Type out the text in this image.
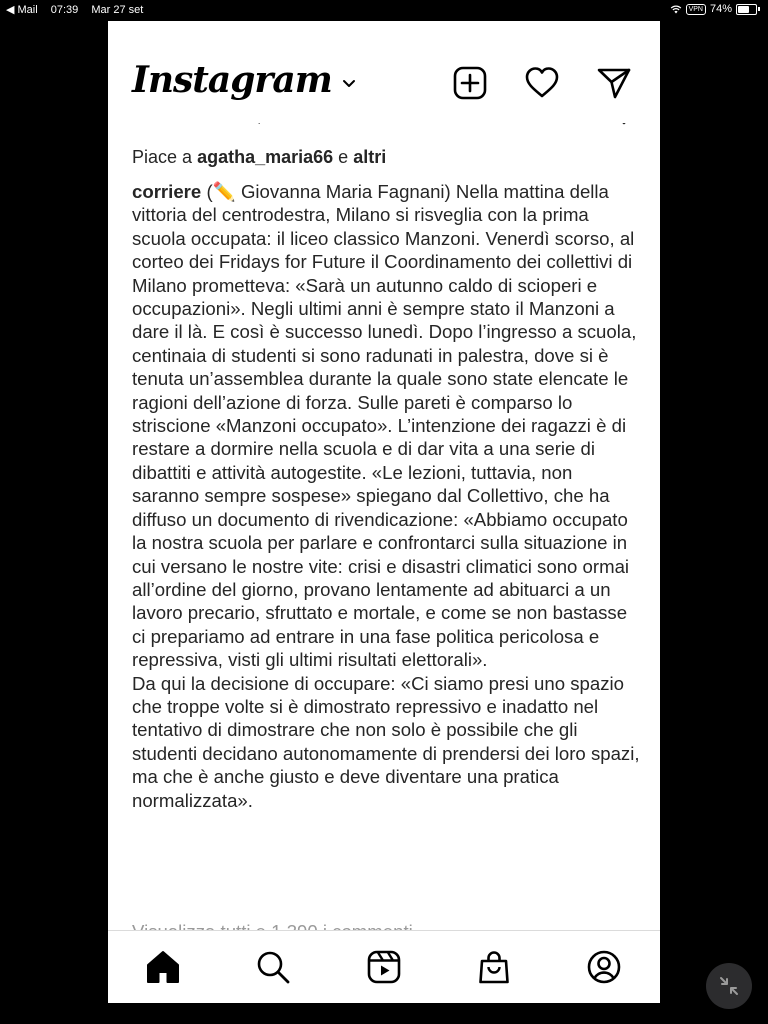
◀ Mail 07:39 Mar 27 set	VPN 74%
Instagram
Piace a agatha_maria66 e altri

corriere (✏️ Giovanna Maria Fagnani) Nella mattina della vittoria del centrodestra, Milano si risveglia con la prima scuola occupata: il liceo classico Manzoni. Venerdì scorso, al corteo dei Fridays for Future il Coordinamento dei collettivi di Milano prometteva: «Sarà un autunno caldo di scioperi e occupazioni». Negli ultimi anni è sempre stato il Manzoni a dare il là. E così è successo lunedì. Dopo l’ingresso a scuola, centinaia di studenti si sono radunati in palestra, dove si è tenuta un’assemblea durante la quale sono state elencate le ragioni dell’azione di forza. Sulle pareti è comparso lo striscione «Manzoni occupato». L’intenzione dei ragazzi è di restare a dormire nella scuola e di dar vita a una serie di dibattiti e attività autogestite. «Le lezioni, tuttavia, non saranno sempre sospese» spiegano dal Collettivo, che ha diffuso un documento di rivendicazione: «Abbiamo occupato la nostra scuola per parlare e confrontarci sulla situazione in cui versano le nostre vite: crisi e disastri climatici sono ormai all’ordine del giorno, provano lentamente ad abituarci a un lavoro precario, sfruttato e mortale, e come se non bastasse ci prepariamo ad entrare in una fase politica pericolosa e repressiva, visti gli ultimi risultati elettorali».

Da qui la decisione di occupare: «Ci siamo presi uno spazio che troppe volte si è dimostrato repressivo e inadatto nel tentativo di dimostrare che non solo è possibile che gli studenti decidano autonomamente di prendersi dei loro spazi, ma che è anche giusto e deve diventare una pratica normalizzata».
